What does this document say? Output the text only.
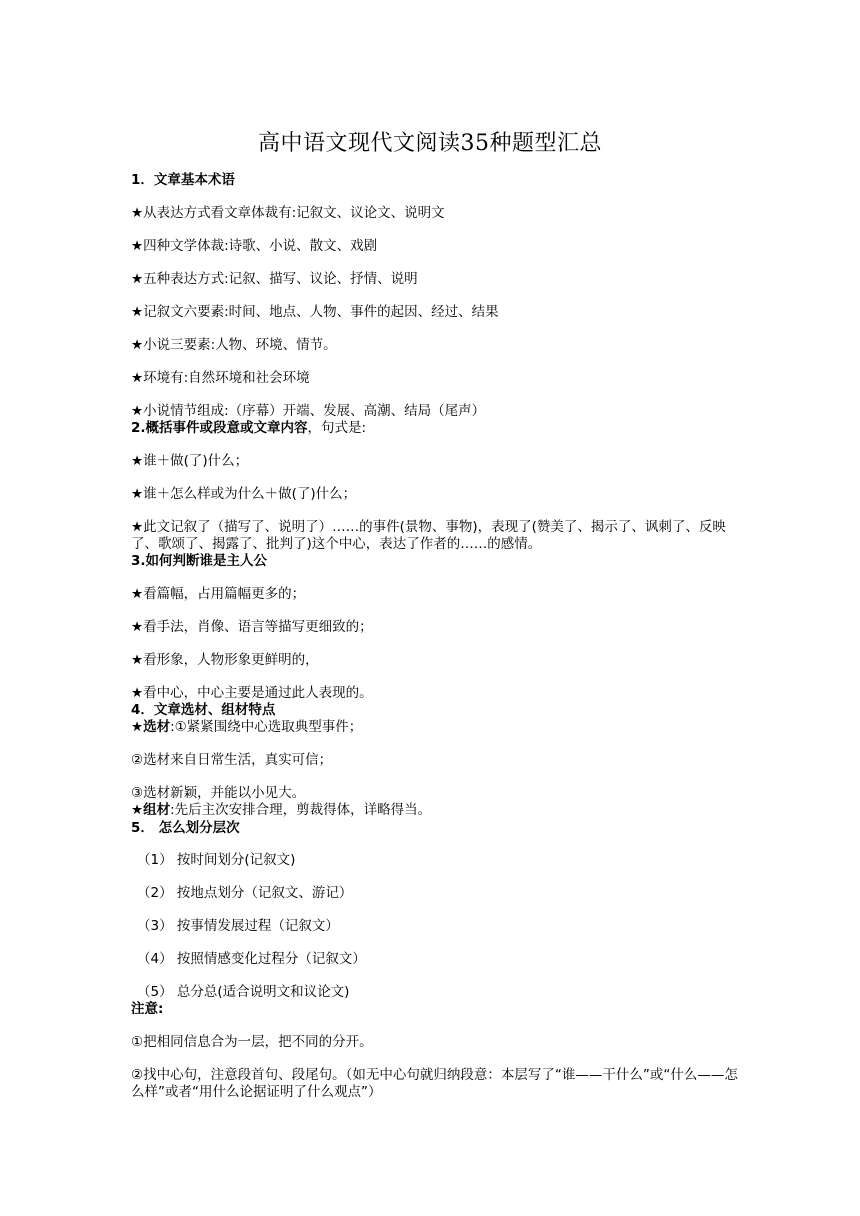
高中语文现代文阅读35种题型汇总
1．文章基本术语
★从表达方式看文章体裁有:记叙文、议论文、说明文
★四种文学体裁:诗歌、小说、散文、戏剧
★五种表达方式:记叙、描写、议论、抒情、说明
★记叙文六要素:时间、地点、人物、事件的起因、经过、结果
★小说三要素:人物、环境、情节。
★环境有:自然环境和社会环境
★小说情节组成:（序幕）开端、发展、高潮、结局（尾声）
2.概括事件或段意或文章内容，句式是:
★谁＋做(了)什么；
★谁＋怎么样或为什么＋做(了)什么；
★此文记叙了（描写了、说明了）……的事件(景物、事物)，表现了(赞美了、揭示了、讽刺了、反映了、歌颂了、揭露了、批判了)这个中心，表达了作者的……的感情。
3.如何判断谁是主人公
★看篇幅，占用篇幅更多的；
★看手法，肖像、语言等描写更细致的；
★看形象，人物形象更鲜明的，
★看中心，中心主要是通过此人表现的。
4．文章选材、组材特点
★选材:①紧紧围绕中心选取典型事件；
②选材来自日常生活，真实可信；
③选材新颖，并能以小见大。
★组材:先后主次安排合理，剪裁得体，详略得当。
5． 怎么划分层次
（1） 按时间划分(记叙文)
（2） 按地点划分（记叙文、游记）
（3） 按事情发展过程（记叙文）
（4） 按照情感变化过程分（记叙文）
（5） 总分总(适合说明文和议论文)
注意:
①把相同信息合为一层，把不同的分开。
②找中心句，注意段首句、段尾句。（如无中心句就归纳段意：本层写了“谁——干什么”或“什么——怎么样”或者“用什么论据证明了什么观点”）
